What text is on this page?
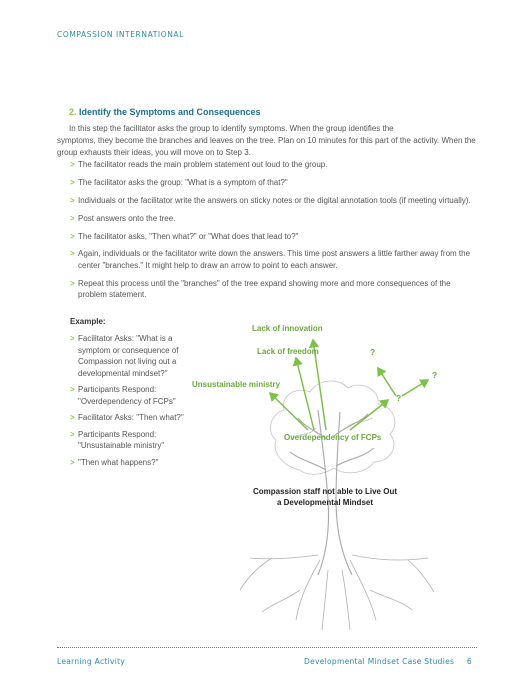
COMPASSION INTERNATIONAL
2. Identify the Symptoms and Consequences
In this step the facilitator asks the group to identify symptoms. When the group identifies the
symptoms, they become the branches and leaves on the tree. Plan on 10 minutes for this part of the activity. When the group exhausts their ideas, you will move on to Step 3.
> The facilitator reads the main problem statement out loud to the group.
> The facilitator asks the group: "What is a symptom of that?"
> Individuals or the facilitator write the answers on sticky notes or the digital annotation tools (if meeting virtually).
> Post answers onto the tree.
> The facilitator asks, "Then what?" or "What does that lead to?"
> Again, individuals or the facilitator write down the answers. This time post answers a little farther away from the center "branches." It might help to draw an arrow to point to each answer.
> Repeat this process until the "branches" of the tree expand showing more and more consequences of the problem statement.
Example:
> Facilitator Asks: "What is a symptom or consequence of Compassion not living out a developmental mindset?"
> Participants Respond: "Overdependency of FCPs"
> Facilitator Asks: "Then what?"
> Participants Respond: "Unsustainable ministry"
> "Then what happens?"
Lack of innovation
Lack of freedom
Unsustainable ministry
Overdependency of FCPs
?
?
?
Compassion staff not able to Live Out
a Developmental Mindset
Learning Activity	Developmental Mindset Case Studies 6
